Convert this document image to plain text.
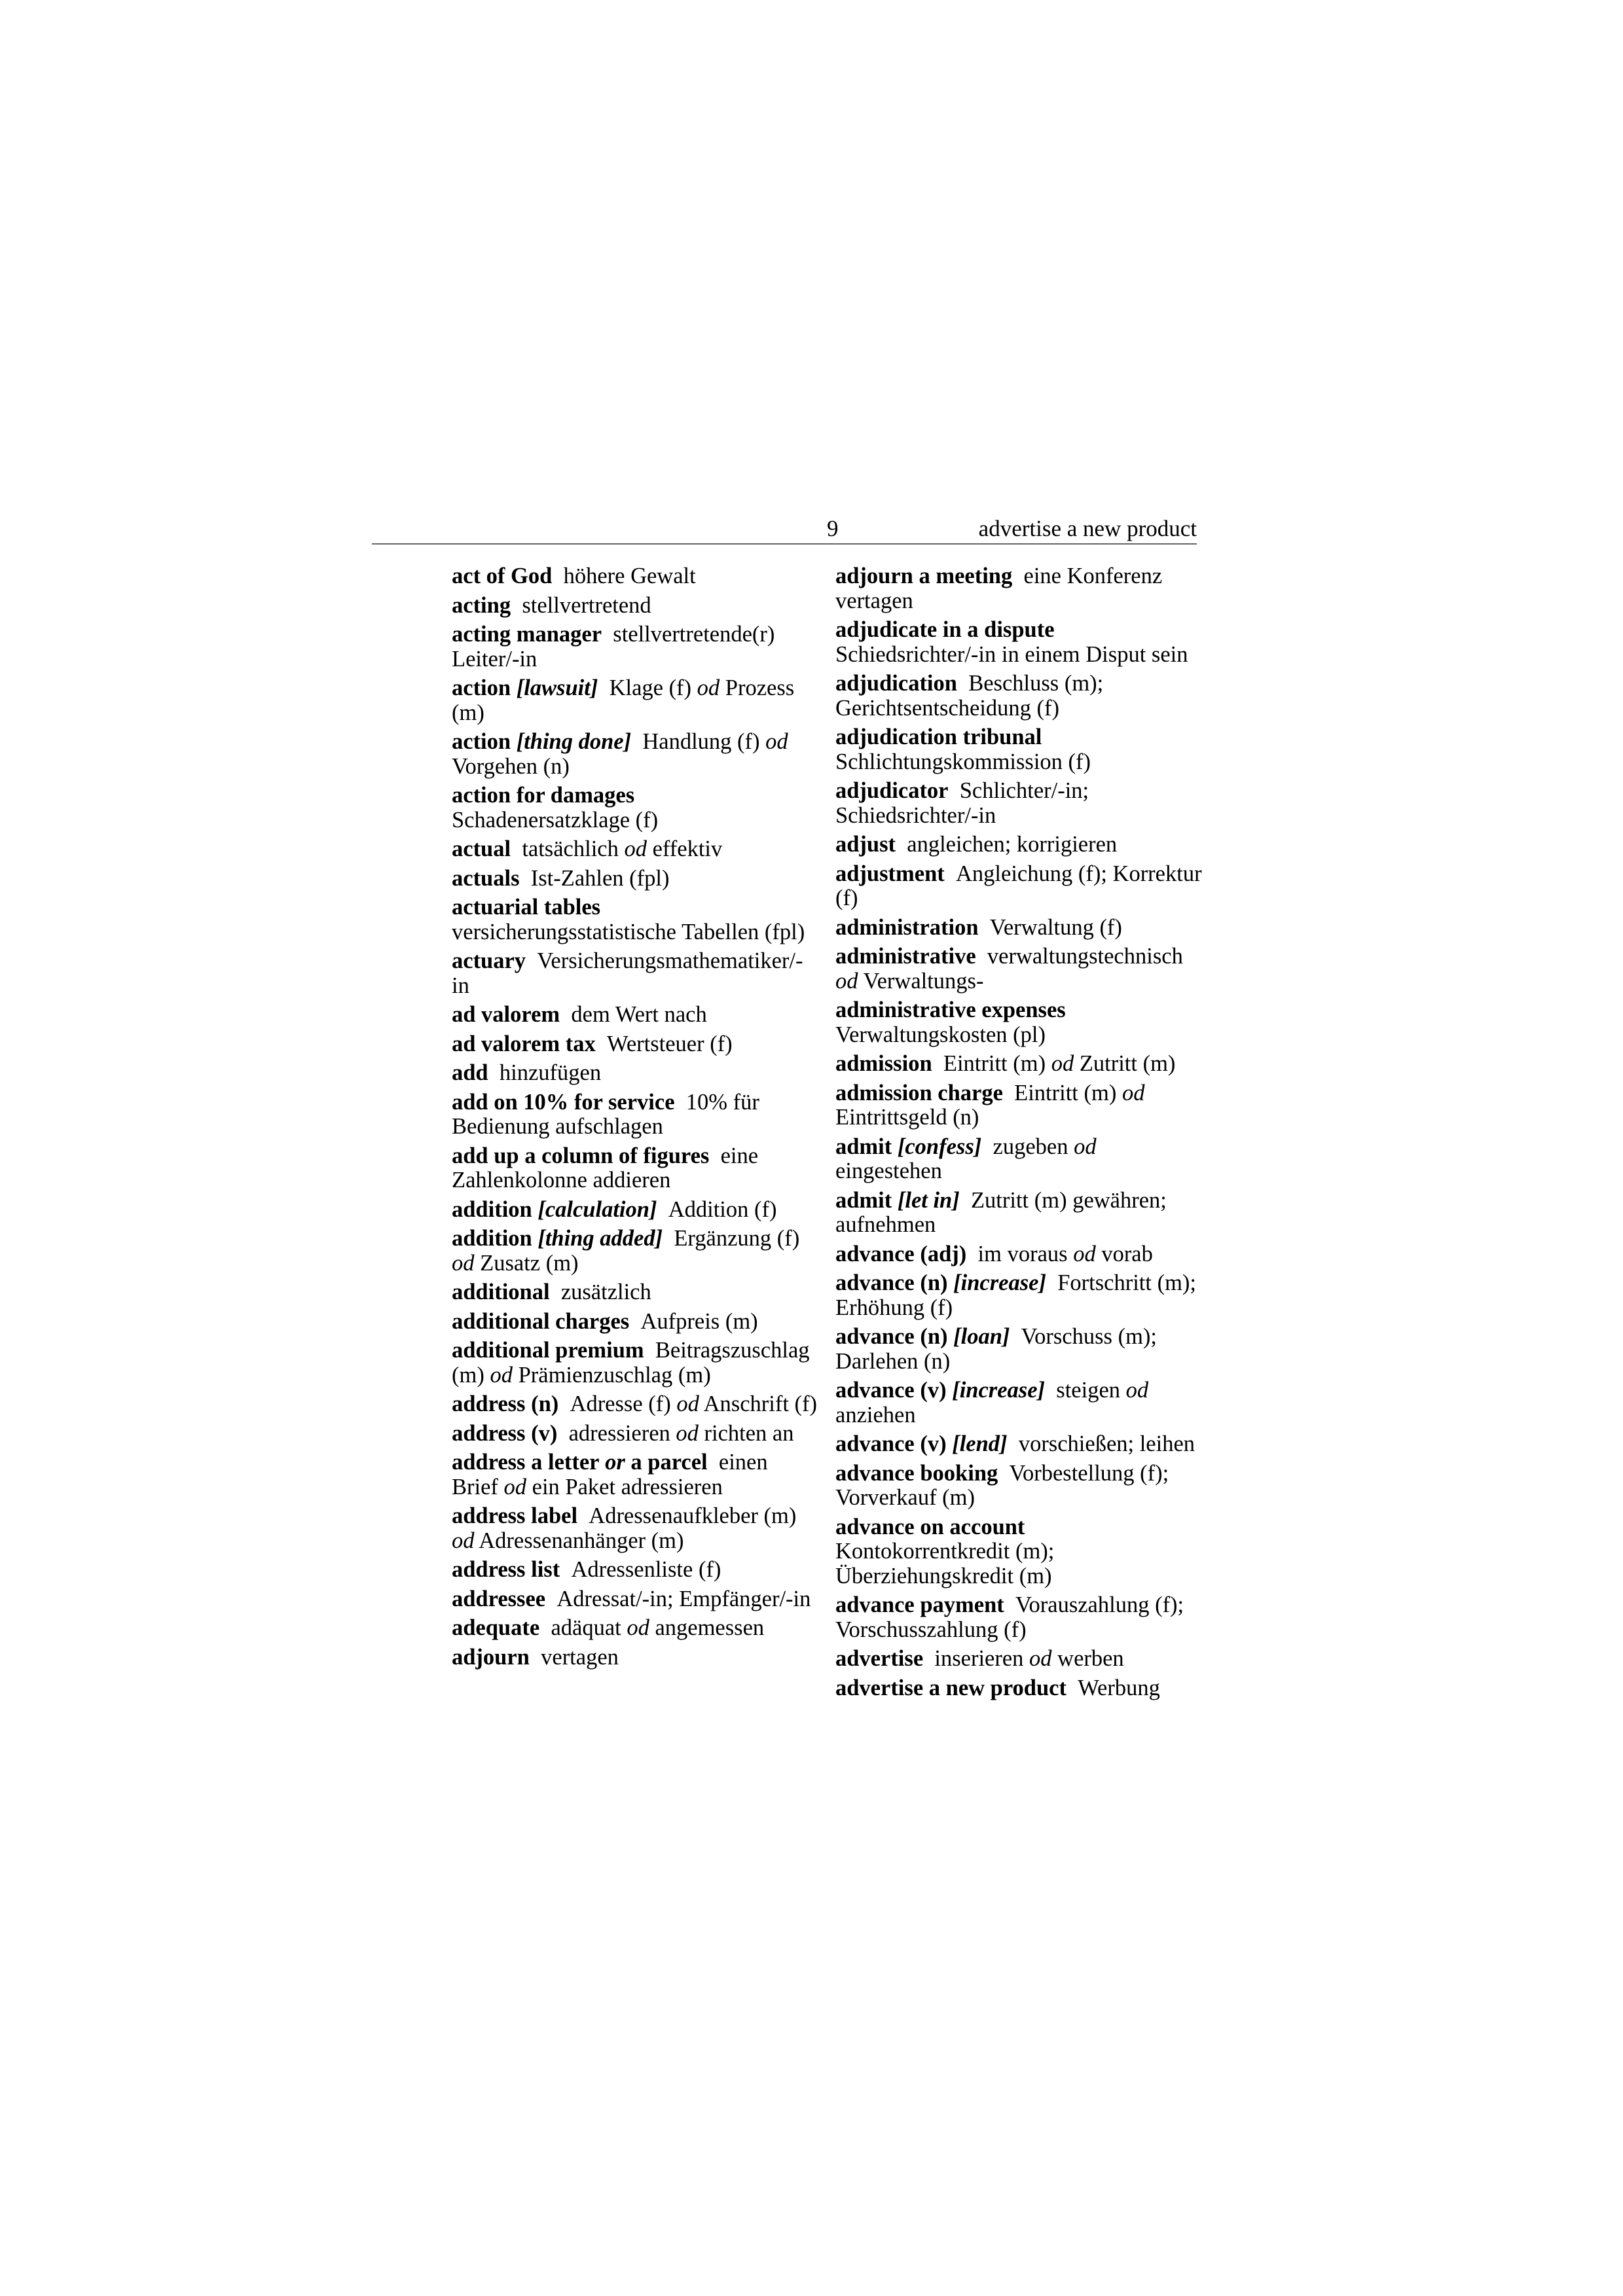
9	advertise a new product
act of God  höhere Gewalt
acting  stellvertretend
acting manager  stellvertretende(r) Leiter/-in
action [lawsuit]  Klage (f) od Prozess (m)
action [thing done]  Handlung (f) od Vorgehen (n)
action for damages Schadenersatzklage (f)
actual  tatsächlich od effektiv
actuals  Ist-Zahlen (fpl)
actuarial tables versicherungsstatistische Tabellen (fpl)
actuary  Versicherungsmathematiker/-in
ad valorem  dem Wert nach
ad valorem tax  Wertsteuer (f)
add  hinzufügen
add on 10% for service  10% für Bedienung aufschlagen
add up a column of figures  eine Zahlenkolonne addieren
addition [calculation]  Addition (f)
addition [thing added]  Ergänzung (f) od Zusatz (m)
additional  zusätzlich
additional charges  Aufpreis (m)
additional premium  Beitragszuschlag (m) od Prämienzuschlag (m)
address (n)  Adresse (f) od Anschrift (f)
address (v)  adressieren od richten an
address a letter or a parcel  einen Brief od ein Paket adressieren
address label  Adressenaufkleber (m) od Adressenanhänger (m)
address list  Adressenliste (f)
addressee  Adressat/-in; Empfänger/-in
adequate  adäquat od angemessen
adjourn  vertagen
adjourn a meeting  eine Konferenz vertagen
adjudicate in a dispute Schiedsrichter/-in in einem Disput sein
adjudication  Beschluss (m); Gerichtsentscheidung (f)
adjudication tribunal Schlichtungskommission (f)
adjudicator  Schlichter/-in; Schiedsrichter/-in
adjust  angleichen; korrigieren
adjustment  Angleichung (f); Korrektur (f)
administration  Verwaltung (f)
administrative  verwaltungstechnisch od Verwaltungs-
administrative expenses Verwaltungskosten (pl)
admission  Eintritt (m) od Zutritt (m)
admission charge  Eintritt (m) od Eintrittsgeld (n)
admit [confess]  zugeben od eingestehen
admit [let in]  Zutritt (m) gewähren; aufnehmen
advance (adj)  im voraus od vorab
advance (n) [increase]  Fortschritt (m); Erhöhung (f)
advance (n) [loan]  Vorschuss (m); Darlehen (n)
advance (v) [increase]  steigen od anziehen
advance (v) [lend]  vorschießen; leihen
advance booking  Vorbestellung (f); Vorverkauf (m)
advance on account Kontokorrentkredit (m); Überziehungskredit (m)
advance payment  Vorauszahlung (f); Vorschusszahlung (f)
advertise  inserieren od werben
advertise a new product  Werbung
